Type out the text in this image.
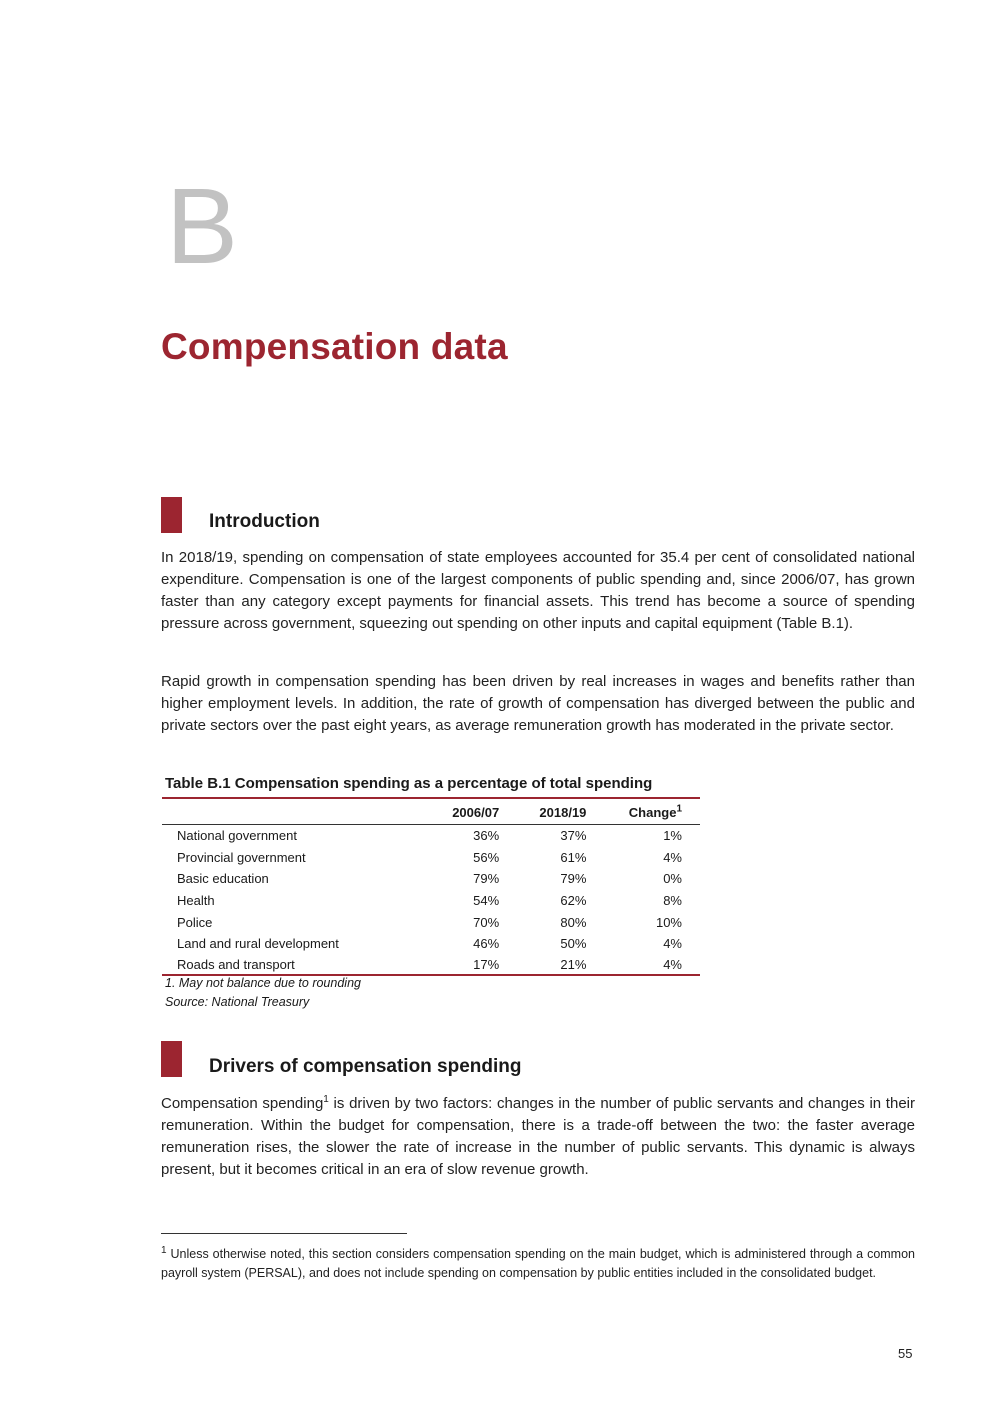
B
Compensation data
Introduction

In 2018/19, spending on compensation of state employees accounted for 35.4 per cent of consolidated national expenditure. Compensation is one of the largest components of public spending and, since 2006/07, has grown faster than any category except payments for financial assets. This trend has become a source of spending pressure across government, squeezing out spending on other inputs and capital equipment (Table B.1).

Rapid growth in compensation spending has been driven by real increases in wages and benefits rather than higher employment levels. In addition, the rate of growth of compensation has diverged between the public and private sectors over the past eight years, as average remuneration growth has moderated in the private sector.

Table B.1 Compensation spending as a percentage of total spending
	2006/07	2018/19	Change$^1$
National government	36%	37%	1%
Provincial government	56%	61%	4%
Basic education	79%	79%	0%
Health	54%	62%	8%
Police	70%	80%	10%
Land and rural development	46%	50%	4%
Roads and transport	17%	21%	4%
1. May not balance due to rounding
Source: National Treasury
Drivers of compensation spending

Compensation spending$^1$ is driven by two factors: changes in the number of public servants and changes in their remuneration. Within the budget for compensation, there is a trade-off between the two: the faster average remuneration rises, the slower the rate of increase in the number of public servants. This dynamic is always present, but it becomes critical in an era of slow revenue growth.

$^1$ Unless otherwise noted, this section considers compensation spending on the main budget, which is administered through a common payroll system (PERSAL), and does not include spending on compensation by public entities included in the consolidated budget.

55
